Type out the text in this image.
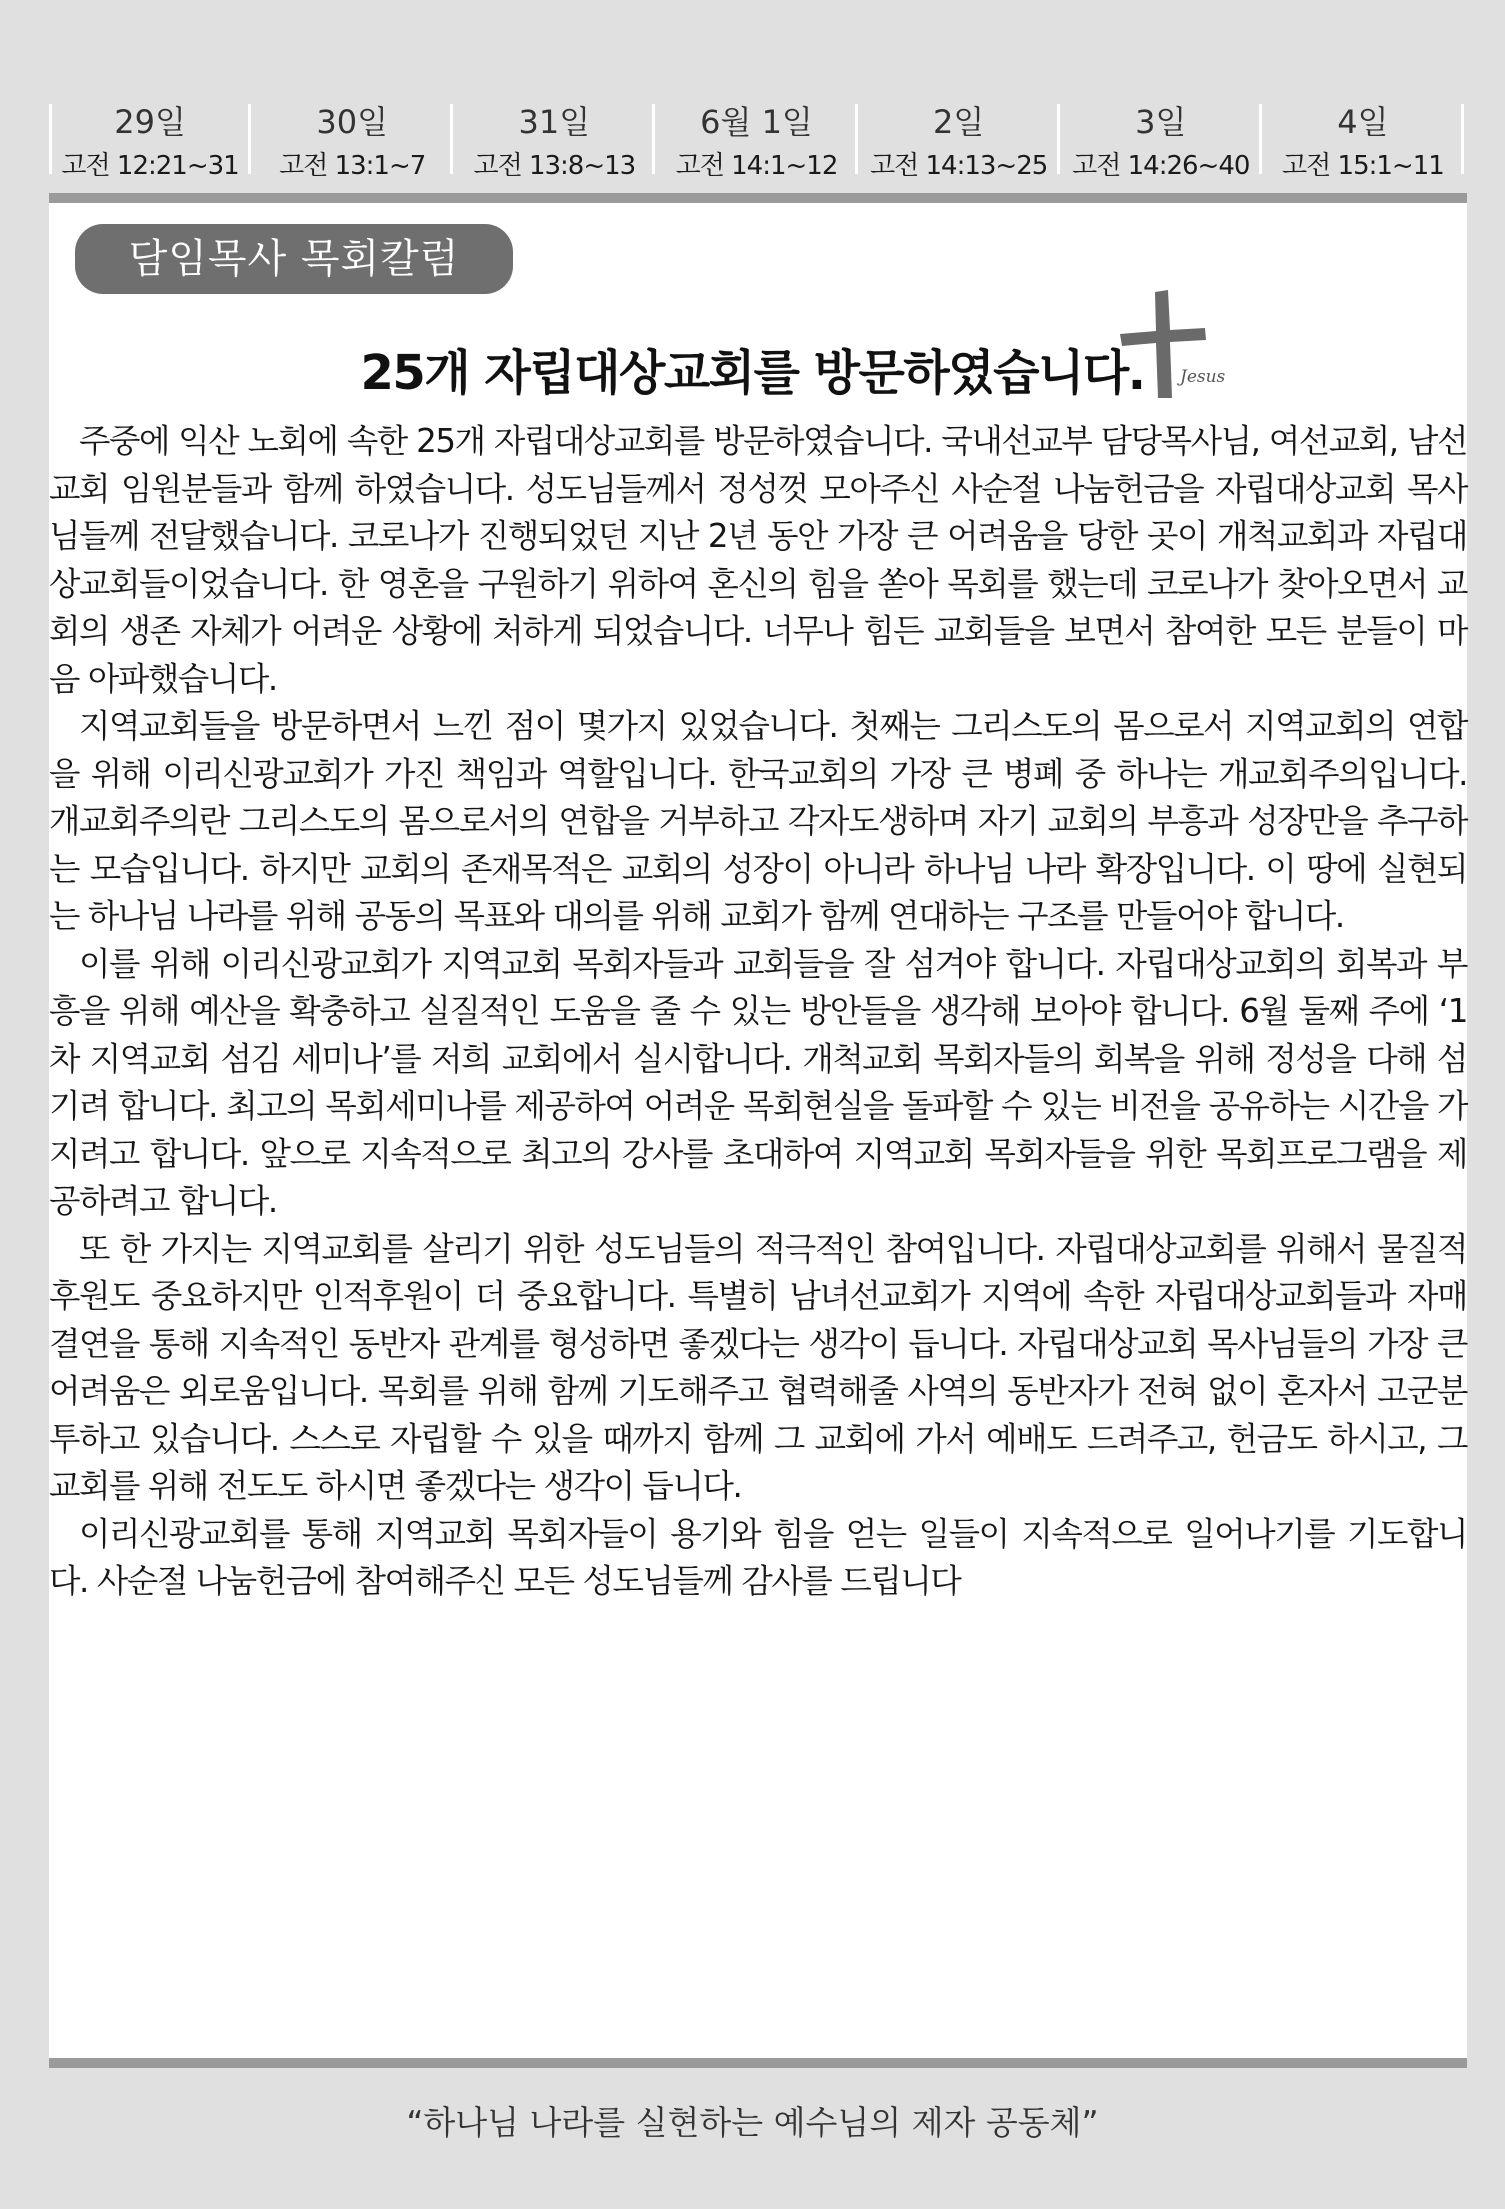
29일
고전 12:21~31
30일
고전 13:1~7
31일
고전 13:8~13
6월 1일
고전 14:1~12
2일
고전 14:13~25
3일
고전 14:26~40
4일
고전 15:1~11
담임목사 목회칼럼
25개 자립대상교회를 방문하였습니다.	Jesus

주중에 익산 노회에 속한 25개 자립대상교회를 방문하였습니다. 국내선교부 담당목사님, 여선교회, 남선교회 임원분들과 함께 하였습니다. 성도님들께서 정성껏 모아주신 사순절 나눔헌금을 자립대상교회 목사님들께 전달했습니다. 코로나가 진행되었던 지난 2년 동안 가장 큰 어려움을 당한 곳이 개척교회과 자립대상교회들이었습니다. 한 영혼을 구원하기 위하여 혼신의 힘을 쏟아 목회를 했는데 코로나가 찾아오면서 교회의 생존 자체가 어려운 상황에 처하게 되었습니다. 너무나 힘든 교회들을 보면서 참여한 모든 분들이 마음 아파했습니다.

지역교회들을 방문하면서 느낀 점이 몇가지 있었습니다. 첫째는 그리스도의 몸으로서 지역교회의 연합을 위해 이리신광교회가 가진 책임과 역할입니다. 한국교회의 가장 큰 병폐 중 하나는 개교회주의입니다. 개교회주의란 그리스도의 몸으로서의 연합을 거부하고 각자도생하며 자기 교회의 부흥과 성장만을 추구하는 모습입니다. 하지만 교회의 존재목적은 교회의 성장이 아니라 하나님 나라 확장입니다. 이 땅에 실현되는 하나님 나라를 위해 공동의 목표와 대의를 위해 교회가 함께 연대하는 구조를 만들어야 합니다.

이를 위해 이리신광교회가 지역교회 목회자들과 교회들을 잘 섬겨야 합니다. 자립대상교회의 회복과 부흥을 위해 예산을 확충하고 실질적인 도움을 줄 수 있는 방안들을 생각해 보아야 합니다. 6월 둘째 주에 ‘1차 지역교회 섬김 세미나’를 저희 교회에서 실시합니다. 개척교회 목회자들의 회복을 위해 정성을 다해 섬기려 합니다. 최고의 목회세미나를 제공하여 어려운 목회현실을 돌파할 수 있는 비전을 공유하는 시간을 가지려고 합니다. 앞으로 지속적으로 최고의 강사를 초대하여 지역교회 목회자들을 위한 목회프로그램을 제공하려고 합니다.

또 한 가지는 지역교회를 살리기 위한 성도님들의 적극적인 참여입니다. 자립대상교회를 위해서 물질적 후원도 중요하지만 인적후원이 더 중요합니다. 특별히 남녀선교회가 지역에 속한 자립대상교회들과 자매결연을 통해 지속적인 동반자 관계를 형성하면 좋겠다는 생각이 듭니다. 자립대상교회 목사님들의 가장 큰 어려움은 외로움입니다. 목회를 위해 함께 기도해주고 협력해줄 사역의 동반자가 전혀 없이 혼자서 고군분투하고 있습니다. 스스로 자립할 수 있을 때까지 함께 그 교회에 가서 예배도 드려주고, 헌금도 하시고, 그 교회를 위해 전도도 하시면 좋겠다는 생각이 듭니다.

이리신광교회를 통해 지역교회 목회자들이 용기와 힘을 얻는 일들이 지속적으로 일어나기를 기도합니다. 사순절 나눔헌금에 참여해주신 모든 성도님들께 감사를 드립니다

“하나님 나라를 실현하는 예수님의 제자 공동체”
